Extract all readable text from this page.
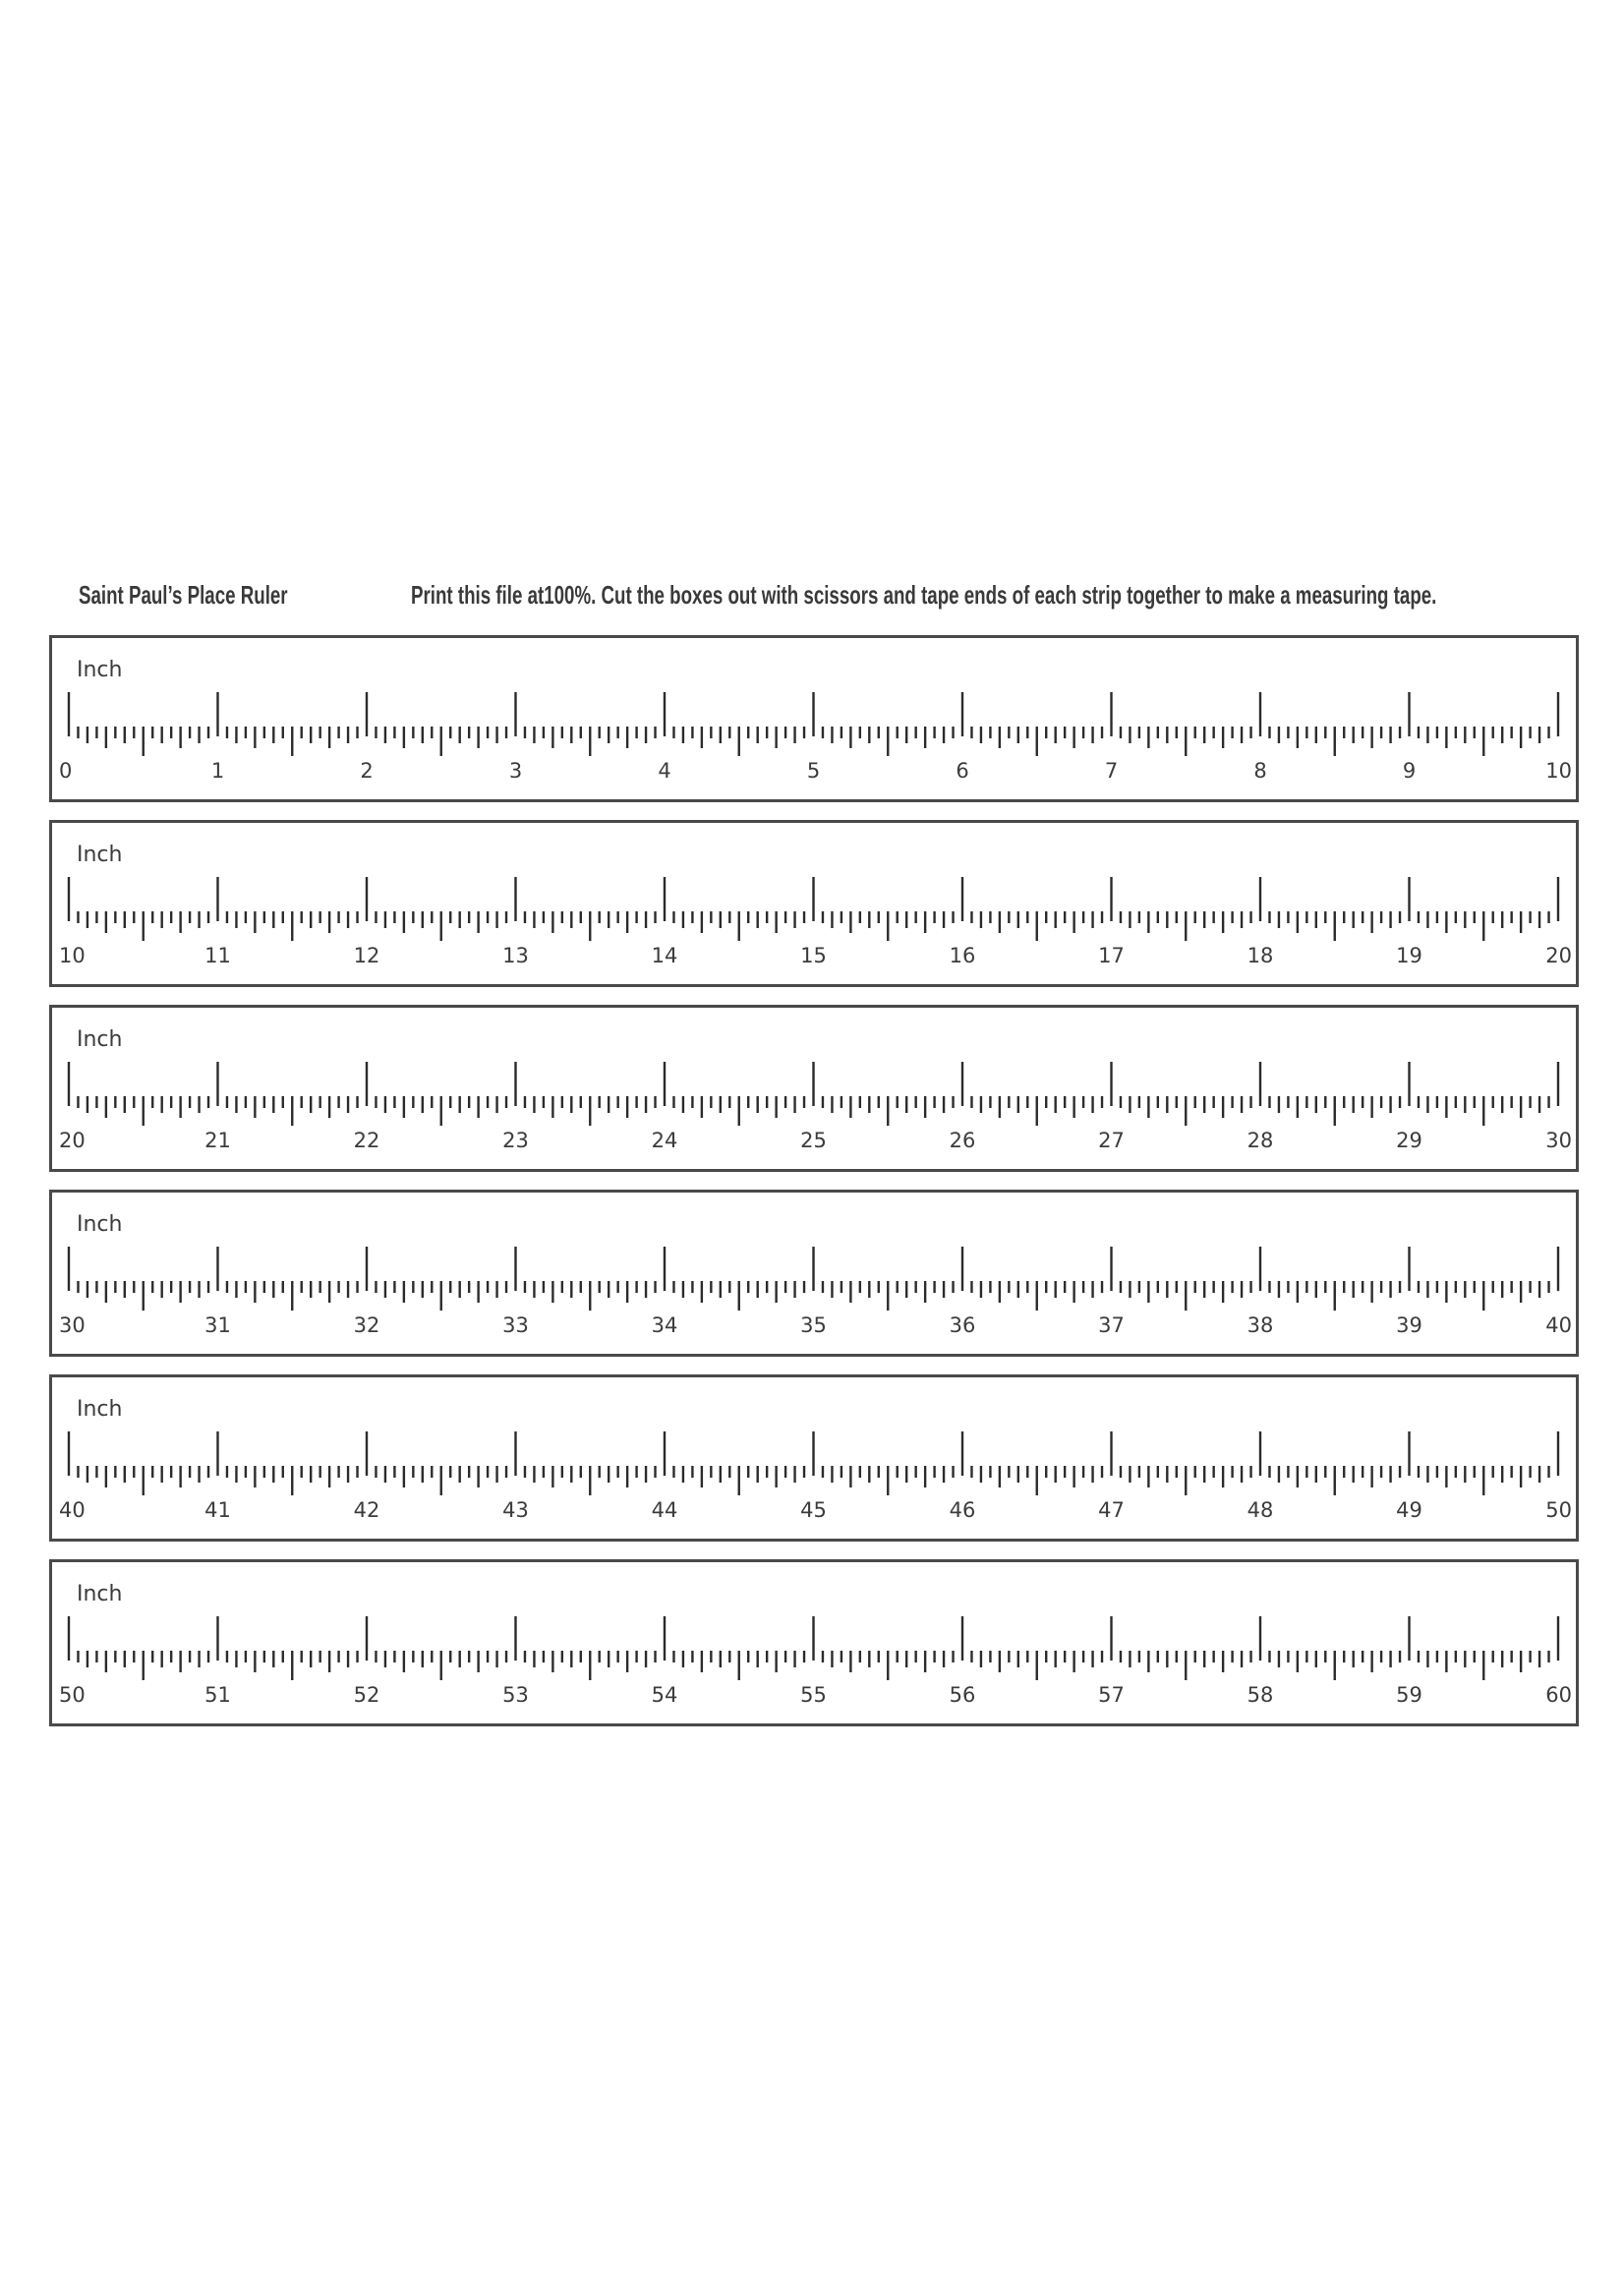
Saint Paul’s Place Ruler	Print this file at100%. Cut the boxes out with scissors and tape ends of each strip together to make a measuring tape.
Inch
0	1	2	3	4	5	6	7	8	9	10
Inch
10	11	12	13	14	15	16	17	18	19	20
Inch
20	21	22	23	24	25	26	27	28	29	30
Inch
30	31	32	33	34	35	36	37	38	39	40
Inch
40	41	42	43	44	45	46	47	48	49	50
Inch
50	51	52	53	54	55	56	57	58	59	60
